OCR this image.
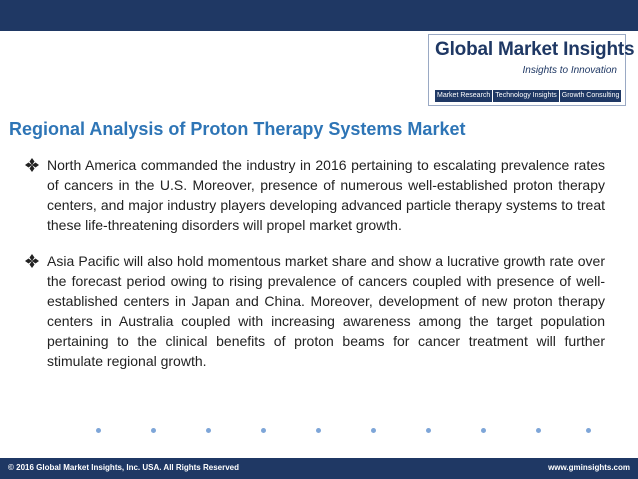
Global Market Insights
Insights to Innovation
Market Research Technology Insights Growth Consulting
Regional Analysis of Proton Therapy Systems Market
North America commanded the industry in 2016 pertaining to escalating prevalence rates of cancers in the U.S. Moreover, presence of numerous well-established proton therapy centers, and major industry players developing advanced particle therapy systems to treat these life-threatening disorders will propel market growth.
Asia Pacific will also hold momentous market share and show a lucrative growth rate over the forecast period owing to rising prevalence of cancers coupled with presence of well-established centers in Japan and China. Moreover, development of new proton therapy centers in Australia coupled with increasing awareness among the target population pertaining to the clinical benefits of proton beams for cancer treatment will further stimulate regional growth.
© 2016 Global Market Insights, Inc. USA. All Rights Reserved	www.gminsights.com
